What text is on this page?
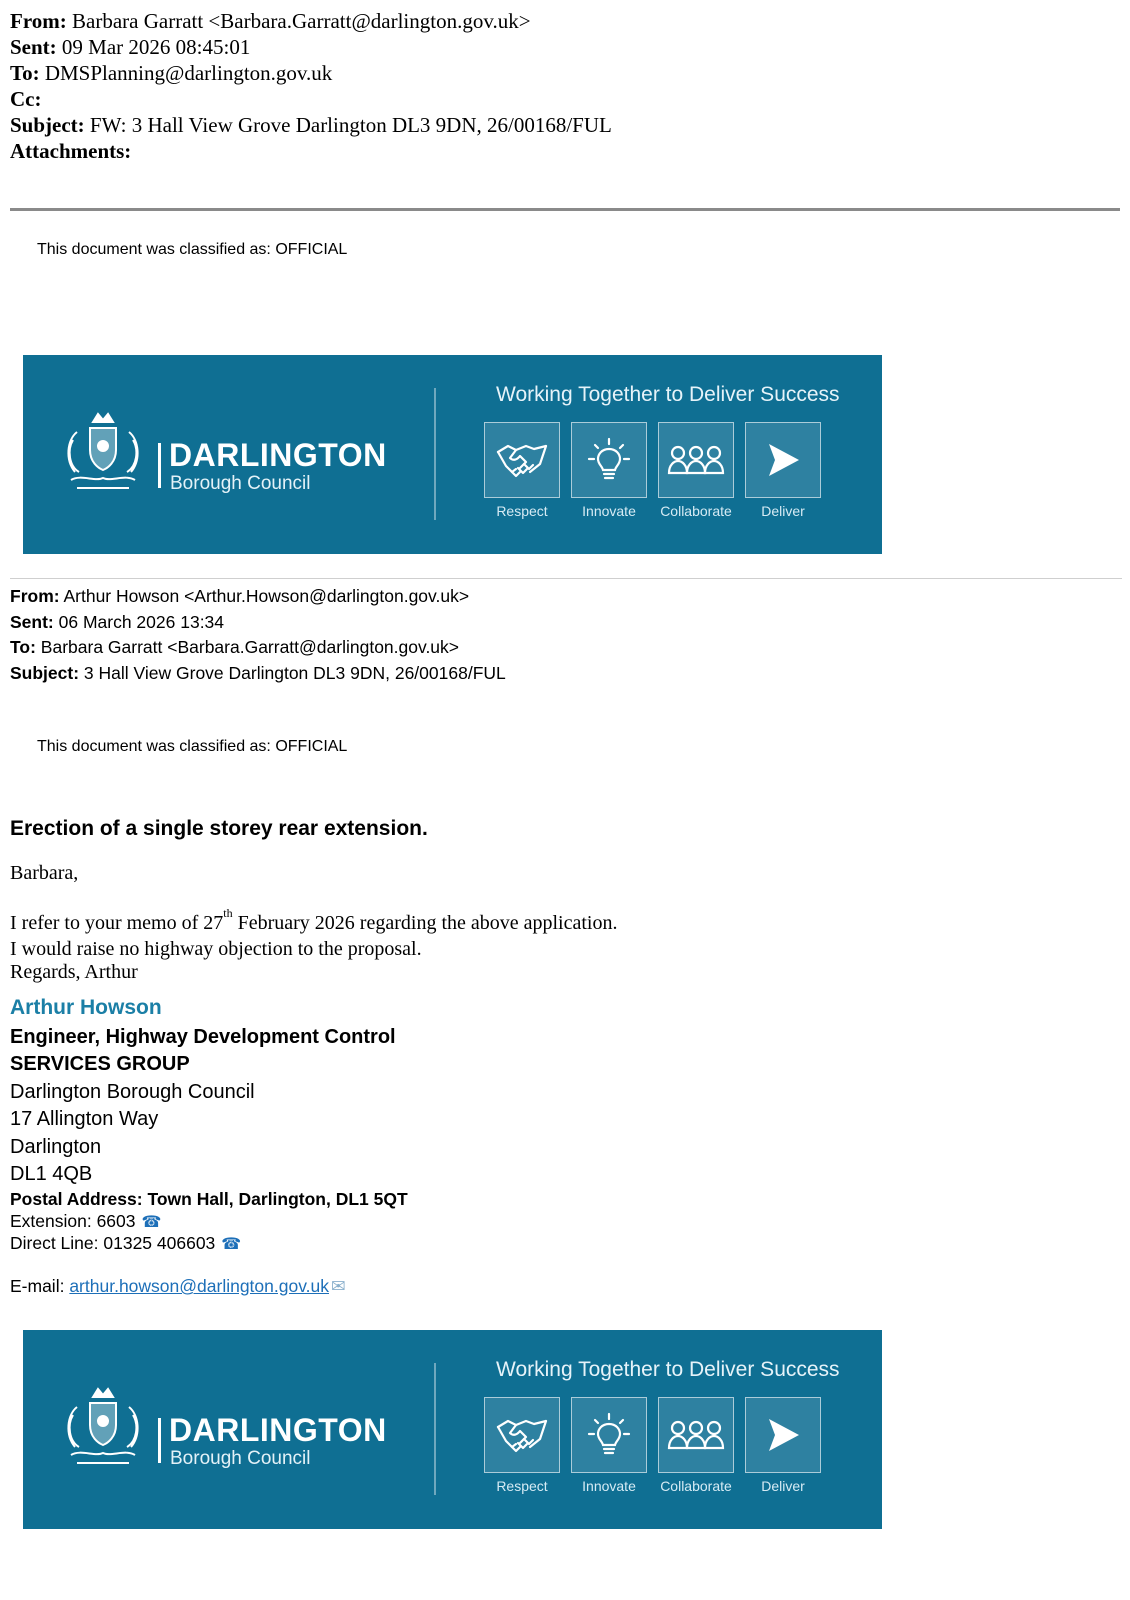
From: Barbara Garratt <Barbara.Garratt@darlington.gov.uk>
Sent: 09 Mar 2026 08:45:01
To: DMSPlanning@darlington.gov.uk
Cc:
Subject: FW: 3 Hall View Grove Darlington DL3 9DN, 26/00168/FUL
Attachments:
This document was classified as: OFFICIAL
DARLINGTON
Borough Council
Working Together to Deliver Success
Respect	Innovate	Collaborate	Deliver
From: Arthur Howson <Arthur.Howson@darlington.gov.uk>
Sent: 06 March 2026 13:34
To: Barbara Garratt <Barbara.Garratt@darlington.gov.uk>
Subject: 3 Hall View Grove Darlington DL3 9DN, 26/00168/FUL
This document was classified as: OFFICIAL
Erection of a single storey rear extension.
Barbara,
I refer to your memo of 27th February 2026 regarding the above application.
I would raise no highway objection to the proposal.
Regards, Arthur
Arthur Howson
Engineer, Highway Development Control
SERVICES GROUP
Darlington Borough Council
17 Allington Way
Darlington
DL1 4QB
Postal Address: Town Hall, Darlington, DL1 5QT
Extension: 6603 ☎
Direct Line: 01325 406603 ☎
E-mail: arthur.howson@darlington.gov.uk ✉
DARLINGTON
Borough Council
Working Together to Deliver Success
Respect	Innovate	Collaborate	Deliver
